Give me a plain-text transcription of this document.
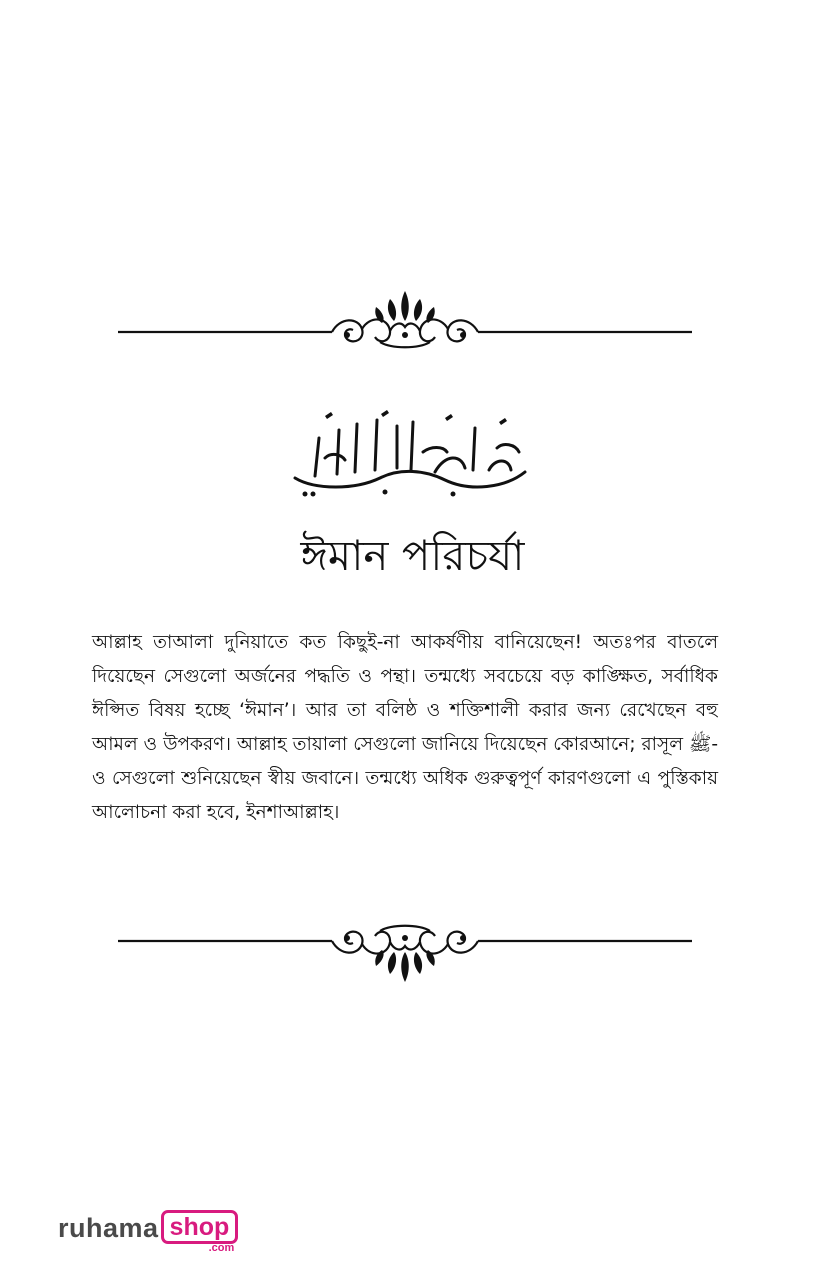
ঈমান পরিচর্যা
আল্লাহ তাআলা দুনিয়াতে কত কিছুই-না আকর্ষণীয় বানিয়েছেন! অতঃপর বাতলে দিয়েছেন সেগুলো অর্জনের পদ্ধতি ও পন্থা। তন্মধ্যে সবচেয়ে বড় কাঙ্ক্ষিত, সর্বাধিক ঈপ্সিত বিষয় হচ্ছে ‘ঈমান’। আর তা বলিষ্ঠ ও শক্তিশালী করার জন্য রেখেছেন বহু আমল ও উপকরণ। আল্লাহ তায়ালা সেগুলো জানিয়ে দিয়েছেন কোরআনে; রাসূল ﷺ-ও সেগুলো শুনিয়েছেন স্বীয় জবানে। তন্মধ্যে অধিক গুরুত্বপূর্ণ কারণগুলো এ পুস্তিকায় আলোচনা করা হবে, ইনশাআল্লাহ।
ruhama shop
.com
